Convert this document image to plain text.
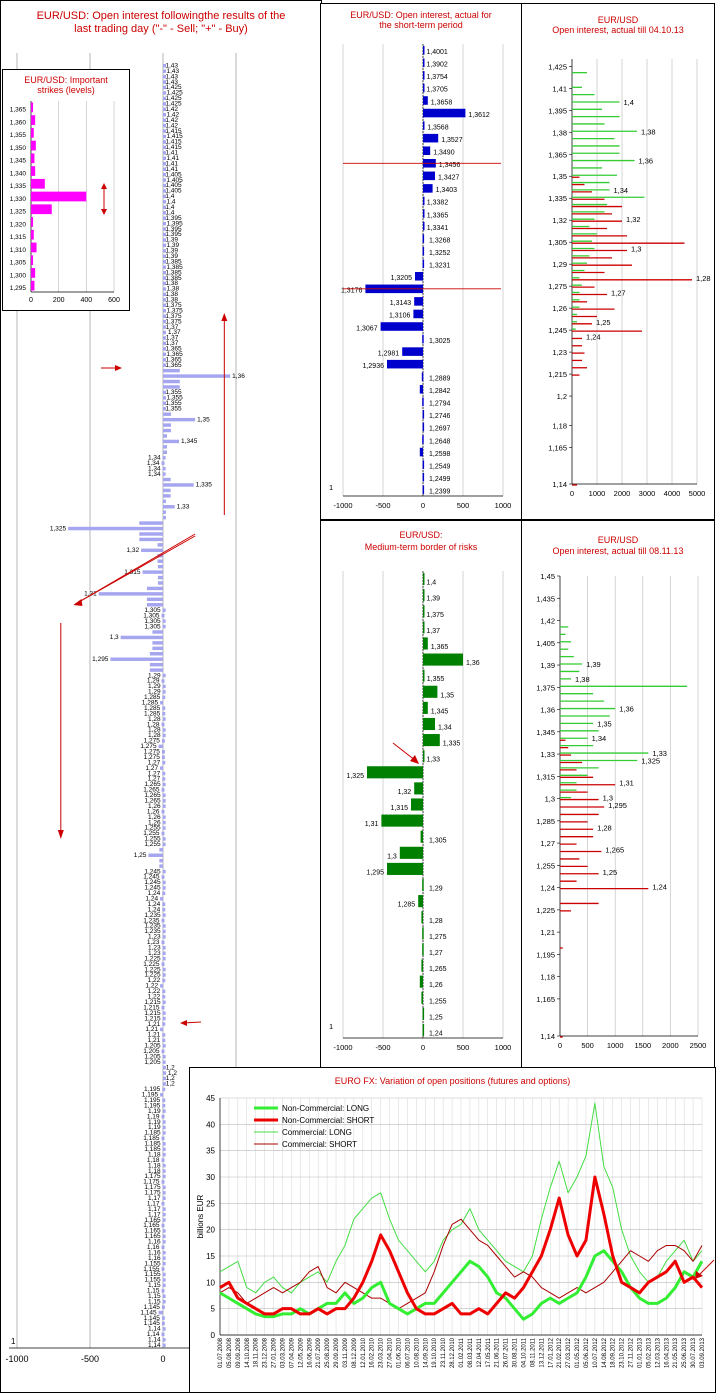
EUR/USD: Open interest followingthe results of the
last trading day ("-" - Sell; "+" - Buy)
-1000	-500	0
1
1,14
1,14
1,14
1,14
1,145
1,145
1,145
1,145
1,15
1,15
1,15
1,15
1,155
1,155
1,155
1,155
1,16
1,16
1,16
1,16
1,165
1,165
1,165
1,165
1,17
1,17
1,17
1,17
1,175
1,175
1,175
1,175
1,18
1,18
1,18
1,18
1,185
1,185
1,185
1,185
1,19
1,19
1,19
1,19
1,195
1,195
1,195
1,195
1,2
1,2
1,2
1,2
1,205
1,205
1,205
1,205
1,21
1,21
1,21
1,21
1,215
1,215
1,215
1,215
1,22
1,22
1,22
1,22
1,225
1,225
1,225
1,225
1,23
1,23
1,23
1,23
1,235
1,235
1,235
1,235
1,24
1,24
1,24
1,24
1,245
1,245
1,245
1,245
1,25
1,255
1,255
1,255
1,255
1,26
1,26
1,26
1,26
1,265
1,265
1,265
1,265
1,27
1,27
1,27
1,27
1,275
1,275
1,275
1,275
1,28
1,28
1,28
1,28
1,285
1,285
1,285
1,285
1,29
1,29
1,29
1,29
1,295
1,3
1,305
1,305
1,305
1,305
1,31
1,315
1,32
1,325
1,33
1,335
1,34
1,34
1,34
1,34
1,345
1,35
1,355
1,355
1,355
1,355
1,36
1,365
1,365
1,365
1,365
1,37
1,37
1,37
1,37
1,375
1,375
1,375
1,375
1,38
1,38
1,38
1,38
1,385
1,385
1,385
1,385
1,39
1,39
1,39
1,39
1,395
1,395
1,395
1,395
1,4
1,4
1,4
1,4
1,405
1,405
1,405
1,405
1,41
1,41
1,41
1,41
1,415
1,415
1,415
1,415
1,42
1,42
1,42
1,42
1,425
1,425
1,425
1,425
1,43
1,43
1,43
1,43
EUR/USD: Important
strikes (levels)
1,295
1,300
1,305
1,310
1,315
1,320
1,325
1,330
1,335
1,340
1,345
1,350
1,355
1,360
1,365
0	200 400 600
EUR/USD: Open interest, actual for
the short-term period
-1000	-500	0	500	1000
1,2399
1,2499
1,2549
1,2598
1,2648
1,2697
1,2746
1,2794
1,2842
1,2889
1,2936
1,2981
1,3025
1,3067
1,3106
1,3143
1,3176
1,3205
1,3231
1,3252
1,3268
1,3341
1,3365
1,3382
1,3403
1,3427
1,3456
1,3490
1,3527
1,3568
1,3612
1,3658
1,3705
1,3754
1,3902
1,4001
1
EUR/USD
Open interest, actual till 04.10.13
0 1000 2000 3000 4000 5000
1,14
1,165
1,18
1,2
1,215
1,23
1,245
1,26
1,275
1,29
1,305
1,32
1,335
1,35
1,365
1,38
1,395
1,41
1,425
1,4
1,38
1,36
1,34
1,32
1,3
1,28
1,27
1,25
1,24
EUR/USD:
Medium-term border of risks
-1000	-500	0	500	1000
1,24
1,25
1,255
1,26
1,265
1,27
1,275
1,28
1,285
1,29
1,295
1,3
1,305
1,31
1,315
1,32
1,325
1,33
1,335
1,34
1,345
1,35
1,355
1,36
1,365
1,37
1,375
1,39
1,4
1
EUR/USD
Open interest, actual till 08.11.13
0	500 1000 1500 2000 2500
1,14
1,165
1,18
1,195
1,21
1,225
1,24
1,255
1,27
1,285
1,3
1,315
1,33
1,345
1,36
1,375
1,39
1,405
1,42
1,435
1,45
1,39
1,38
1,36
1,35
1,34
1,33
1,325
1,31
1,3
1,295
1,28
1,265
1,25
1,24
EURO FX: Variation of open positions (futures and options)
0
5
10
15
20
25
30
35
40
45
billions EUR
01.07.2008 05.08.2008 09.09.2008 14.10.2008 18.11.2008 23.12.2008 27.01.2009 03.03.2009 07.04.2009 12.05.2009 16.06.2009 21.07.2009 25.08.2009 29.09.2009 03.11.2009 08.12.2009 12.01.2010 16.02.2010 23.03.2010 27.04.2010 01.06.2010 06.07.2010 10.08.2010 14.09.2010 19.10.2010 23.11.2010 28.12.2010 01.02.2011 08.03.2011 12.04.2011 17.05.2011 21.06.2011 26.07.2011 30.08.2011 04.10.2011 08.11.2011 13.12.2011 17.01.2012 21.02.2012 27.03.2012 01.05.2012 05.06.2012 10.07.2012 14.08.2012 18.09.2012 23.10.2012 27.11.2012 01.01.2013 05.02.2013 12.03.2013 16.04.2013 21.05.2013 25.06.2013 30.07.2013 03.09.2013
Non-Commercial: LONG
Non-Commercial: SHORT
Commercial: LONG
Commercial: SHORT
